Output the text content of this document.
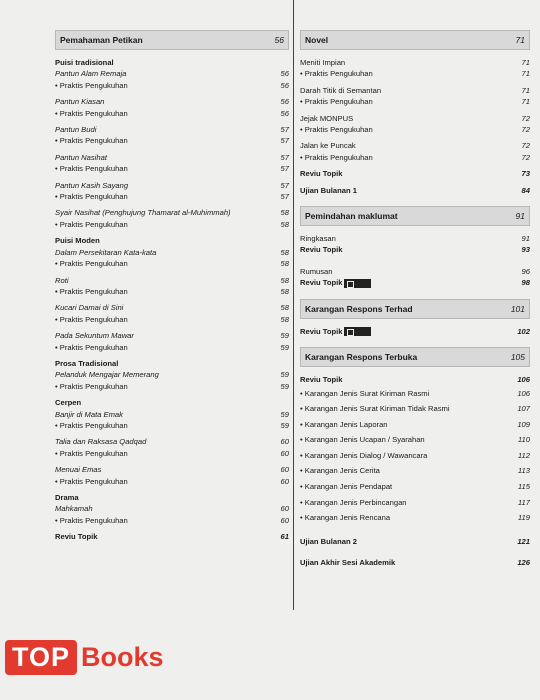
Pemahaman Petikan	56
Puisi tradisional
Pantun Alam Remaja	56
• Praktis Pengukuhan	56
Pantun Kiasan	56
• Praktis Pengukuhan	56
Pantun Budi	57
• Praktis Pengukuhan	57
Pantun Nasihat	57
• Praktis Pengukuhan	57
Pantun Kasih Sayang	57
• Praktis Pengukuhan	57
Syair Nasihat (Penghujung Thamarat al-Muhimmah)	58
• Praktis Pengukuhan	58
Puisi Moden
Dalam Persekitaran Kata-kata	58
• Praktis Pengukuhan	58
Roti	58
• Praktis Pengukuhan	58
Kucari Damai di Sini	58
• Praktis Pengukuhan	58
Pada Sekuntum Mawar	59
• Praktis Pengukuhan	59
Prosa Tradisional
Pelanduk Mengajar Memerang	59
• Praktis Pengukuhan	59
Cerpen
Banjir di Mata Emak	59
• Praktis Pengukuhan	59
Talia dan Raksasa Qadqad	60
• Praktis Pengukuhan	60
Menuai Emas	60
• Praktis Pengukuhan	60
Drama
Mahkamah	60
• Praktis Pengukuhan	60
Reviu Topik	61
Novel	71
Meniti Impian	71
• Praktis Pengukuhan	71
Darah Titik di Semantan	71
• Praktis Pengukuhan	71
Jejak MONPUS	72
• Praktis Pengukuhan	72
Jalan ke Puncak	72
• Praktis Pengukuhan	72
Reviu Topik	73
Ujian Bulanan 1	84
Pemindahan maklumat	91
Ringkasan	91
Reviu Topik	93
Rumusan	96
Reviu Topik	98
Karangan Respons Terhad	101
Reviu Topik	102
Karangan Respons Terbuka	105
Reviu Topik	106
• Karangan Jenis Surat Kiriman Rasmi	106
• Karangan Jenis Surat Kiriman Tidak Rasmi	107
• Karangan Jenis Laporan	109
• Karangan Jenis Ucapan / Syarahan	110
• Karangan Jenis Dialog / Wawancara	112
• Karangan Jenis Cerita	113
• Karangan Jenis Pendapat	115
• Karangan Jenis Perbincangan	117
• Karangan Jenis Rencana	119
Ujian Bulanan 2	121
Ujian Akhir Sesi Akademik	126
TOP Books
